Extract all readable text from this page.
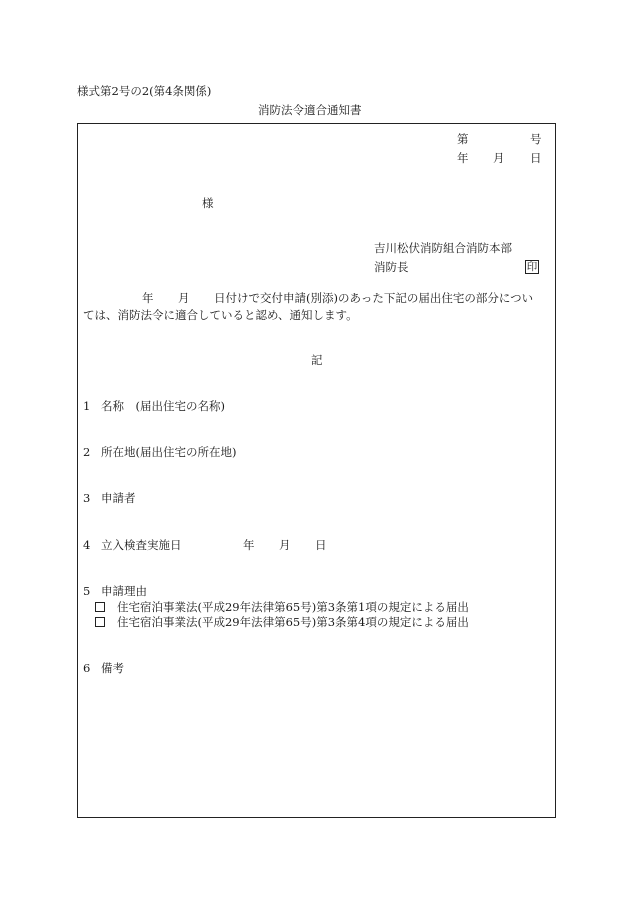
様式第2号の2(第4条関係)
消防法令適合通知書
第	号
年 月 日
様
吉川松伏消防組合消防本部
消防長	印
年 月 日付けで交付申請(別添)のあった下記の届出住宅の部分につい
ては、消防法令に適合していると認め、通知します。
記
1 名称　(届出住宅の名称)
2 所在地(届出住宅の所在地)
3 申請者
4 立入検査実施日	年 月 日
5 申請理由
住宅宿泊事業法(平成29年法律第65号)第3条第1項の規定による届出
住宅宿泊事業法(平成29年法律第65号)第3条第4項の規定による届出
6 備考
